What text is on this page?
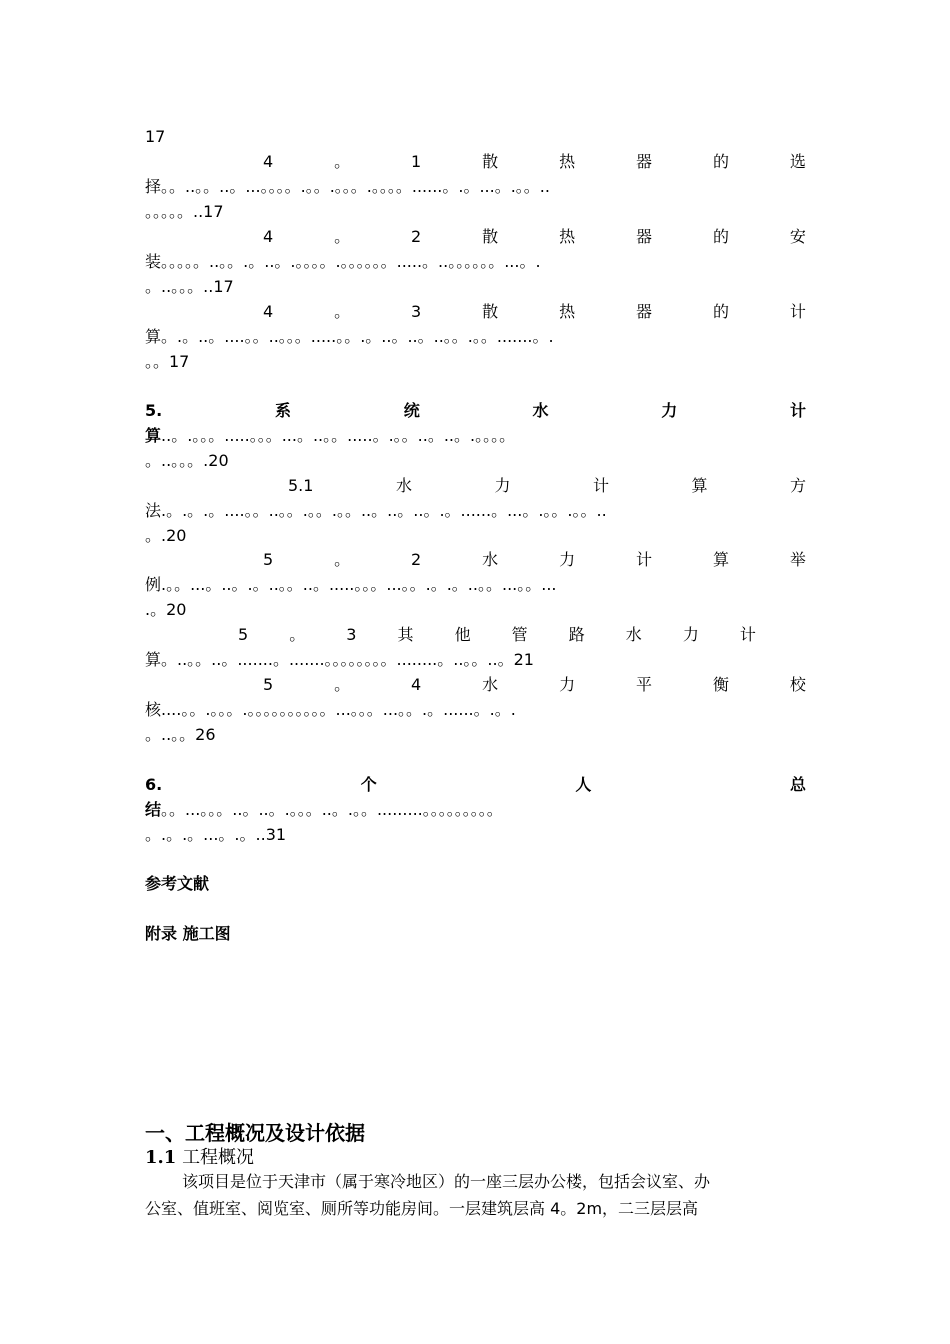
17
4	。	1	散	热	器	的	选
择。。..。。..。...。。。。.。。.。。。.。。。。......。.。...。.。。..
。。。。。..17
4	。	2	散	热	器	的	安
装。。。。。..。。.。..。.。。。。.。。。。。。.....。..。。。。。。...。.
。..。。。..17
4	。	3	散	热	器	的	计
算。.。..。....。。..。。。.....。。.。..。..。..。。.。。.......。.
。。17
5.	系	统	水	力	计
算..。.。。。.....。。。...。..。。.....。.。。..。..。.。。。。
。..。。。.20
5.1	水	力	计	算	方
法.。.。.。....。。..。。.。。.。。..。..。..。.。......。...。.。。.。。..
。.20
5	。	2	水	力	计	算	举
例.。。...。..。.。..。。..。.....。。。...。。.。.。..。。...。。...
.。20
5	。	3	其	他	管	路	水	力	计
算。..。。..。.......。.......。。。。。。。。........。..。。..。21
5	。	4	水	力	平	衡	校
核....。。.。。。.。。。。。。。。。。...。。。...。。.。......。.。.
。..。。26
6.	个	人	总
结。。...。。。..。..。.。。。..。.。。.........。。。。。。。。。
。.。.。...。.。..31
参考文献
附录 施工图
一、工程概况及设计依据
1.1 工程概况
该项目是位于天津市（属于寒冷地区）的一座三层办公楼，包括会议室、办
公室、值班室、阅览室、厕所等功能房间。一层建筑层高 4。2m，二三层层高
